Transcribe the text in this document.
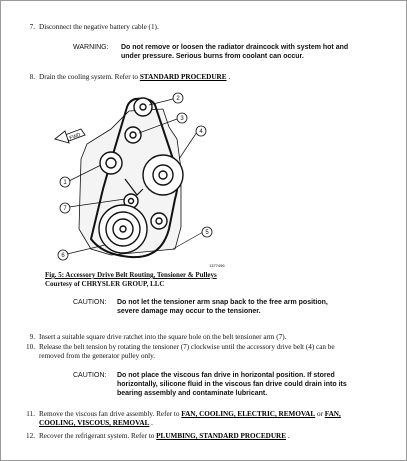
7. Disconnect the negative battery cable (1).
WARNING: Do not remove or loosen the radiator draincock with system hot and
under pressure. Serious burns from coolant can occur.
8. Drain the cooling system. Refer to STANDARD PROCEDURE .
FWD
2
3
4
1
7
5
6
1377496
Fig. 5: Accessory Drive Belt Routing, Tensioner & Pulleys
Courtesy of CHRYSLER GROUP, LLC
CAUTION: Do not let the tensioner arm snap back to the free arm position,
severe damage may occur to the tensioner.
9. Insert a suitable square drive ratchet into the square hole on the belt tensioner arm (7).
10. Release the belt tension by rotating the tensioner (7) clockwise until the accessory drive belt (4) can be
removed from the generator pulley only.
CAUTION: Do not place the viscous fan drive in horizontal position. If stored
horizontally, silicone fluid in the viscous fan drive could drain into its
bearing assembly and contaminate lubricant.
11. Remove the viscous fan drive assembly. Refer to FAN, COOLING, ELECTRIC, REMOVAL or FAN,
COOLING, VISCOUS, REMOVAL .
12. Recover the refrigerant system. Refer to PLUMBING, STANDARD PROCEDURE .
